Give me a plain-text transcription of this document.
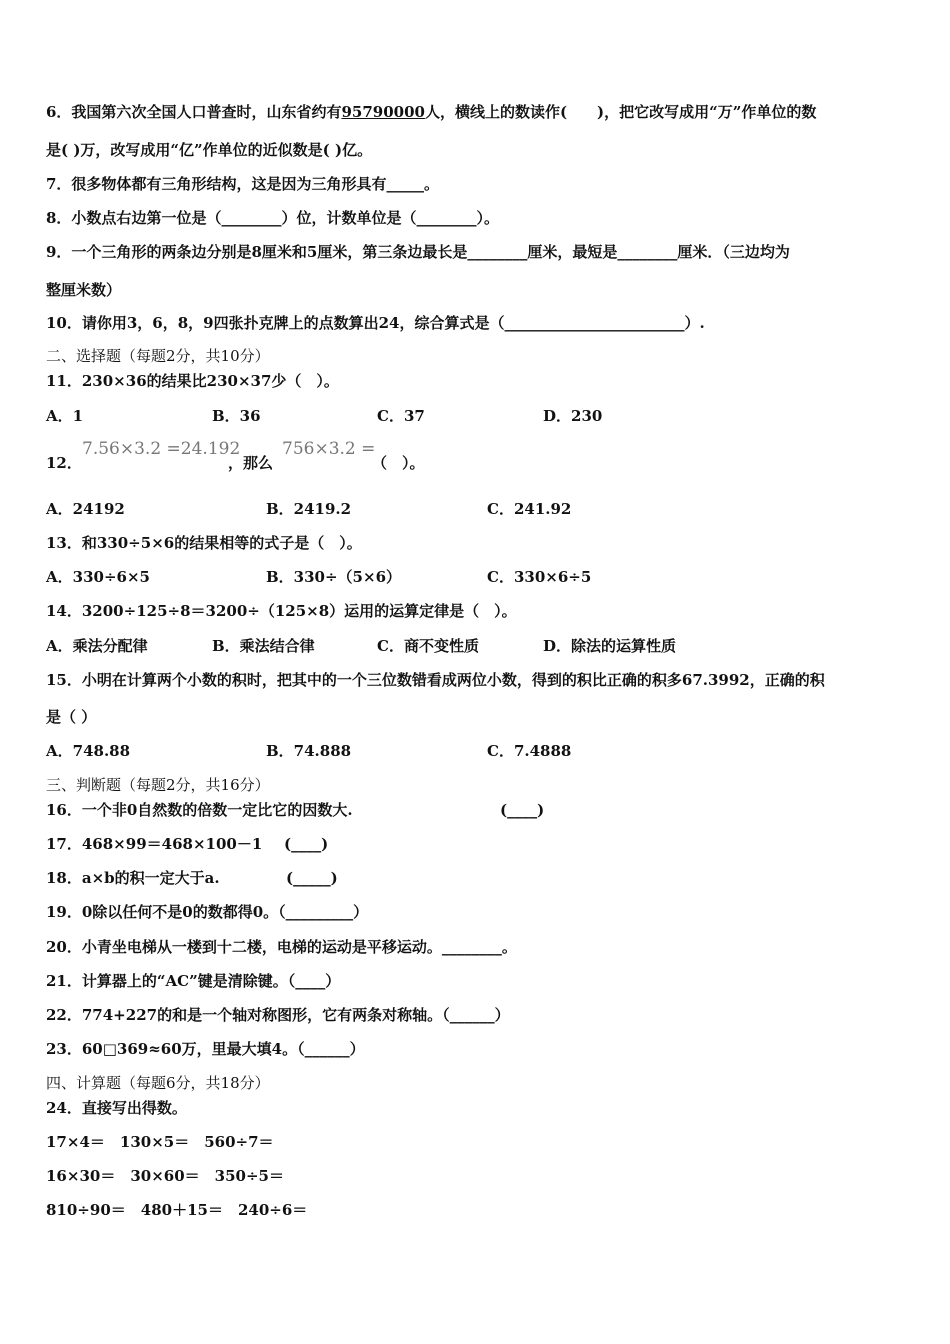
6．我国第六次全国人口普查时，山东省约有95790000人，横线上的数读作(　　)，把它改写成用“万”作单位的数
是( )万，改写成用“亿”作单位的近似数是( )亿。
7．很多物体都有三角形结构，这是因为三角形具有_____。
8．小数点右边第一位是（________）位，计数单位是（________）。
9．一个三角形的两条边分别是8厘米和5厘米，第三条边最长是________厘米，最短是________厘米．（三边均为
整厘米数）
10．请你用3，6，8，9四张扑克牌上的点数算出24，综合算式是（________________________）.
二、选择题（每题2分，共10分）
11．230×36的结果比230×37少（　）。
A．1	B．36	C．37	D．230
12．
7.56×3.2 =24.192
，那么
756×3.2 =
（　）。
A．24192	B．2419.2	C．241.92
13．和330÷5×6的结果相等的式子是（　）。
A．330÷6×5	B．330÷（5×6）	C．330×6÷5
14．3200÷125÷8＝3200÷（125×8）运用的运算定律是（　）。
A．乘法分配律	B．乘法结合律	C．商不变性质	D．除法的运算性质
15．小明在计算两个小数的积时，把其中的一个三位数错看成两位小数，得到的积比正确的积多67.3992，正确的积
是（ ）
A．748.88	B．74.888	C．7.4888
三、判断题（每题2分，共16分）
16．一个非0自然数的倍数一定比它的因数大.	(____)
17．468×99＝468×100－1 (____)
18．a×b的积一定大于a.	(_____)
19．0除以任何不是0的数都得0。（_________）
20．小青坐电梯从一楼到十二楼，电梯的运动是平移运动。________。
21．计算器上的“AC”键是清除键。（____）
22．774+227的和是一个轴对称图形，它有两条对称轴。（______）
23．60□369≈60万，里最大填4。（______）
四、计算题（每题6分，共18分）
24．直接写出得数。
17×4＝　130×5＝　560÷7＝
16×30＝　30×60＝　350÷5＝
810÷90＝　480＋15＝　240÷6＝
